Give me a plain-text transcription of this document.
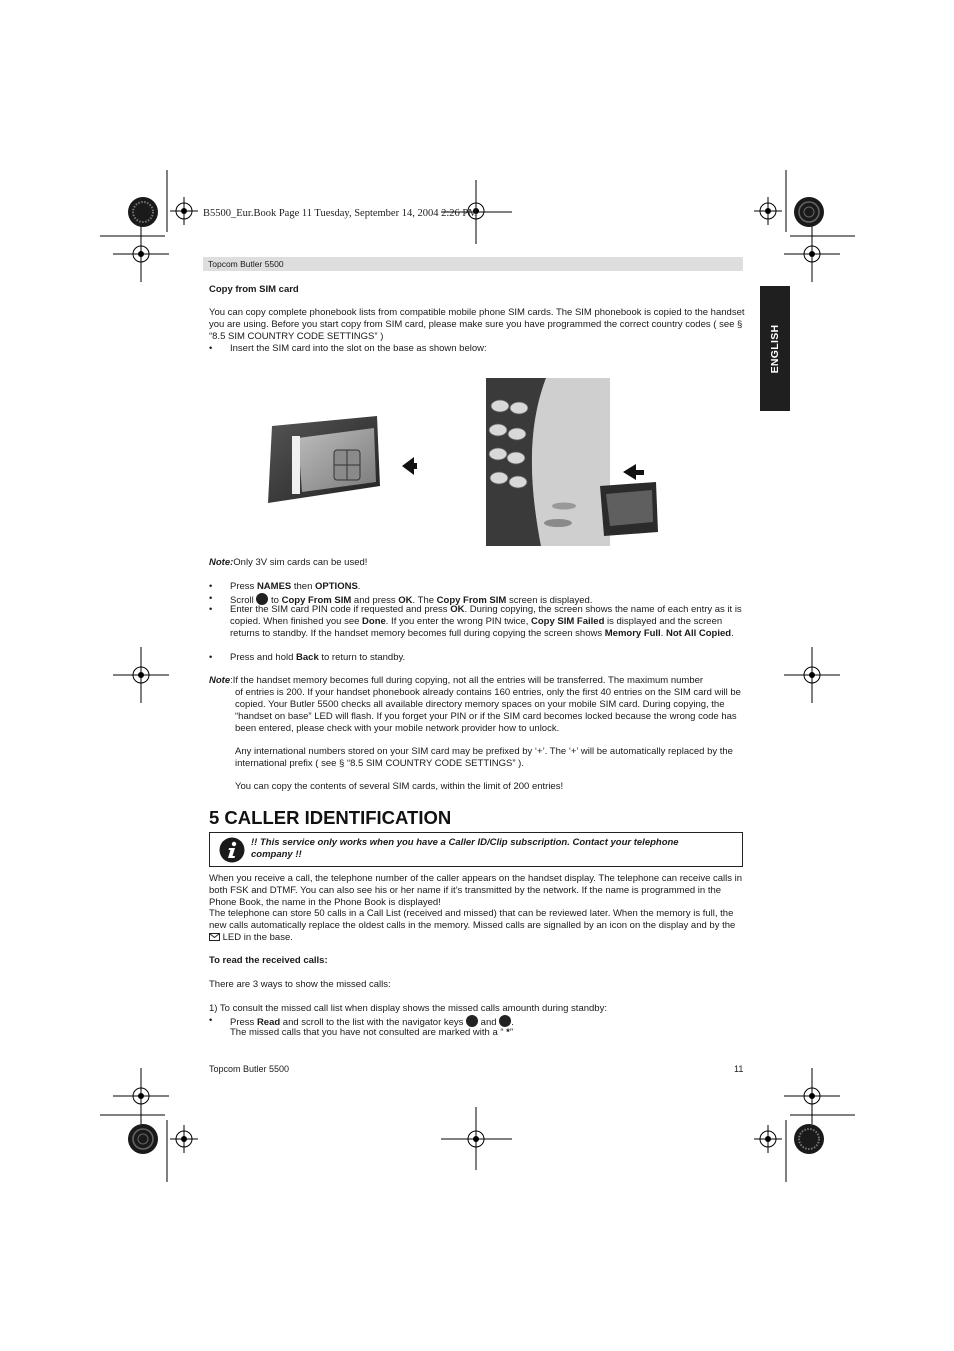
B5500_Eur.Book Page 11 Tuesday, September 14, 2004 2:26 PM
Topcom Butler 5500
ENGLISH
Copy from SIM card
You can copy complete phonebook lists from compatible mobile phone SIM cards. The SIM phonebook is copied to the handset you are using. Before you start copy from SIM card, please make sure you have programmed the correct country codes ( see § “8.5 SIM COUNTRY CODE SETTINGS” )
• Insert the SIM card into the slot on the base as shown below:
Note:Only 3V sim cards can be used!
• Press NAMES then OPTIONS.
• Scroll  to Copy From SIM and press OK. The Copy From SIM screen is displayed.
• Enter the SIM card PIN code if requested and press OK. During copying, the screen shows the name of each entry as it is copied. When finished you see Done. If you enter the wrong PIN twice, Copy SIM Failed is displayed and the screen returns to standby. If the handset memory becomes full during copying the screen shows Memory Full. Not All Copied.
• Press and hold Back to return to standby.
Note:If the handset memory becomes full during copying, not all the entries will be transferred. The maximum number
of entries is 200. If your handset phonebook already contains 160 entries, only the first 40 entries on the SIM card will be copied. Your Butler 5500 checks all available directory memory spaces on your mobile SIM card. During copying, the “handset on base” LED will flash. If you forget your PIN or if the SIM card becomes locked because the wrong code has been entered, please check with your mobile network provider how to unlock.
Any international numbers stored on your SIM card may be prefixed by ‘+’. The ‘+’ will be automatically replaced by the international prefix ( see § “8.5 SIM COUNTRY CODE SETTINGS” ).
You can copy the contents of several SIM cards, within the limit of 200 entries!
5 CALLER IDENTIFICATION
!! This service only works when you have a Caller ID/Clip subscription. Contact your telephone company !!
When you receive a call, the telephone number of the caller appears on the handset display. The telephone can receive calls in both FSK and DTMF. You can also see his or her name if it’s transmitted by the network. If the name is programmed in the Phone Book, the name in the Phone Book is displayed!
The telephone can store 50 calls in a Call List (received and missed) that can be reviewed later. When the memory is full, the new calls automatically replace the oldest calls in the memory. Missed calls are signalled by an icon on the display and by the  LED in the base.
To read the received calls:
There are 3 ways to show the missed calls:
1) To consult the missed call list when display shows the missed calls amounth during standby:
• Press Read and scroll to the list with the navigator keys  and .
The missed calls that you have not consulted are marked with a “ *”
Topcom Butler 5500	11
